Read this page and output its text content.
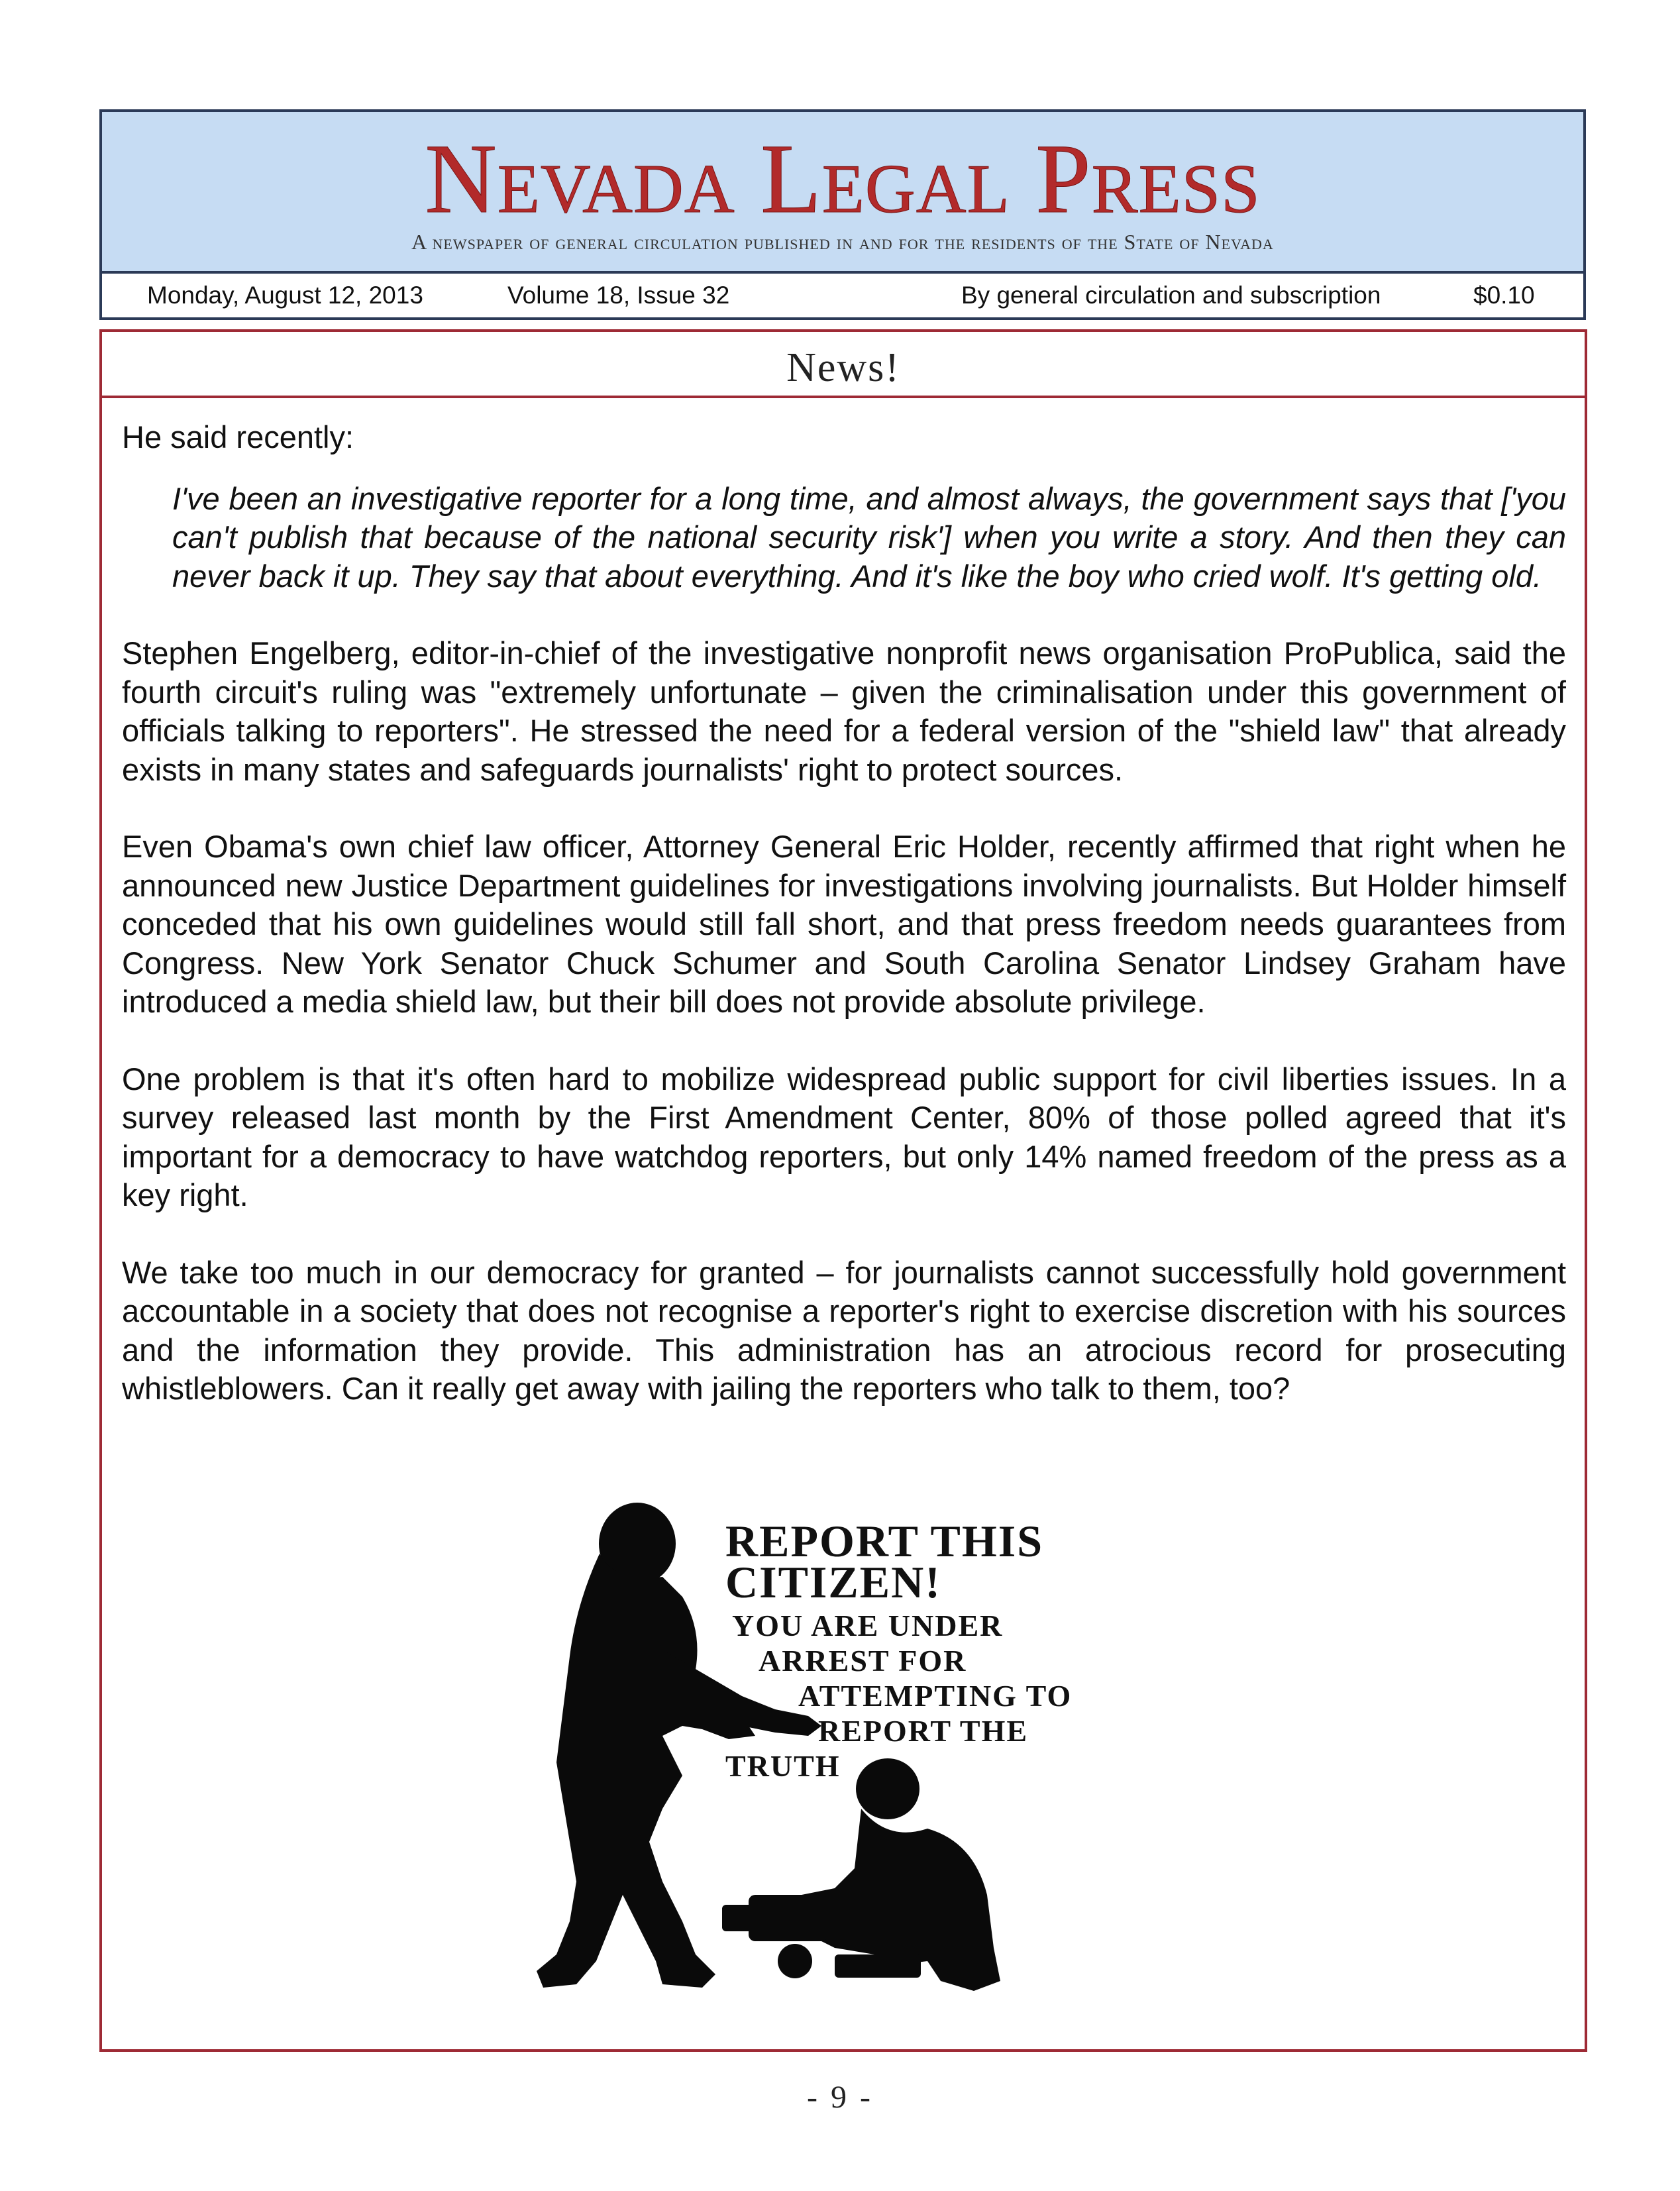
Nevada Legal Press
A newspaper of general circulation published in and for the residents of the State of Nevada
Monday, August 12, 2013	Volume 18, Issue 32	By general circulation and subscription	$0.10
News!

He said recently:

I've been an investigative reporter for a long time, and almost always, the government says that ['you can't publish that because of the national security risk'] when you write a story. And then they can never back it up. They say that about everything. And it's like the boy who cried wolf. It's getting old.

Stephen Engelberg, editor-in-chief of the investigative nonprofit news organisation ProPublica, said the fourth circuit's ruling was "extremely unfortunate – given the criminalisation under this government of officials talking to reporters". He stressed the need for a federal version of the "shield law" that already exists in many states and safeguards journalists' right to protect sources.

Even Obama's own chief law officer, Attorney General Eric Holder, recently affirmed that right when he announced new Justice Department guidelines for investigations involving journalists. But Holder himself conceded that his own guidelines would still fall short, and that press freedom needs guarantees from Congress. New York Senator Chuck Schumer and South Carolina Senator Lindsey Graham have introduced a media shield law, but their bill does not provide absolute privilege.

One problem is that it's often hard to mobilize widespread public support for civil liberties issues. In a survey released last month by the First Amendment Center, 80% of those polled agreed that it's important for a democracy to have watchdog reporters, but only 14% named freedom of the press as a key right.

We take too much in our democracy for granted – for journalists cannot successfully hold government accountable in a society that does not recognise a reporter's right to exercise discretion with his sources and the information they provide. This administration has an atrocious record for prosecuting whistleblowers. Can it really get away with jailing the reporters who talk to them, too?

REPORT THIS
CITIZEN!
YOU ARE UNDER
ARREST FOR
ATTEMPTING TO
REPORT THE
TRUTH
- 9 -
